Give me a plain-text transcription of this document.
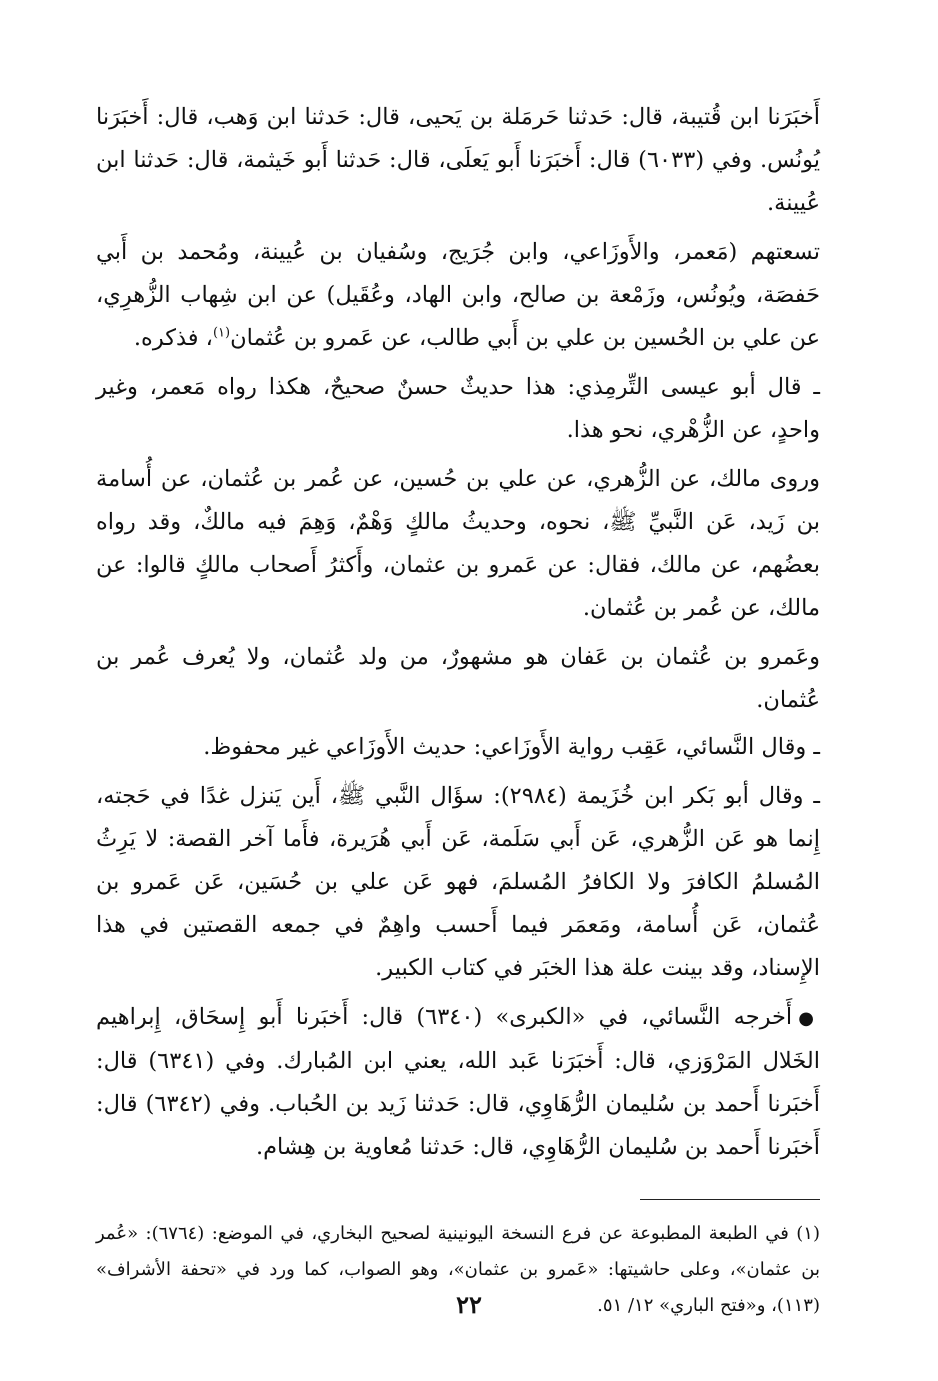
أَخبَرَنا ابن قُتيبة، قال: حَدثنا حَرمَلة بن يَحيى، قال: حَدثنا ابن وَهب، قال: أَخبَرَنا يُونُس. وفي (٦٠٣٣) قال: أَخبَرَنا أَبو يَعلَى، قال: حَدثنا أَبو خَيثمة، قال: حَدثنا ابن عُيينة.

تسعتهم (مَعمر، والأَوزَاعي، وابن جُرَيج، وسُفيان بن عُيينة، ومُحمد بن أَبي حَفصَة، ويُونُس، وزَمْعة بن صالح، وابن الهاد، وعُقَيل) عن ابن شِهاب الزُّهرِي، عن علي بن الحُسين بن علي بن أَبي طالب، عن عَمرو بن عُثمان$^{(١)}$، فذكره.

ـ قال أبو عيسى التِّرمِذي: هذا حديثٌ حسنٌ صحيحٌ، هكذا رواه مَعمر، وغير واحدٍ، عن الزُّهْري، نحو هذا.

وروى مالك، عن الزُّهري، عن علي بن حُسين، عن عُمر بن عُثمان، عن أُسامة بن زَيد، عَن النَّبيِّ ﷺ، نحوه، وحديثُ مالكٍ وَهْمٌ، وَهِمَ فيه مالكٌ، وقد رواه بعضُهم، عن مالك، فقال: عن عَمرو بن عثمان، وأَكثرُ أَصحاب مالكٍ قالوا: عن مالك، عن عُمر بن عُثمان.

وعَمرو بن عُثمان بن عَفان هو مشهورٌ، من ولد عُثمان، ولا يُعرف عُمر بن عُثمان.

ـ وقال النَّسائي، عَقِب رواية الأَوزَاعي: حديث الأَوزَاعي غير محفوظ.

ـ وقال أبو بَكر ابن خُزَيمة (٢٩٨٤): سؤَال النَّبي ﷺ، أَين يَنزل غدًا في حَجته، إِنما هو عَن الزُّهري، عَن أَبي سَلَمة، عَن أَبي هُرَيرة، فأَما آخر القصة: لا يَرِثُ المُسلمُ الكافرَ ولا الكافرُ المُسلمَ، فهو عَن علي بن حُسَين، عَن عَمرو بن عُثمان، عَن أُسامة، ومَعمَر فيما أَحسب واهِمٌ في جمعه القصتين في هذا الإِسناد، وقد بينت علة هذا الخبَر في كتاب الكبير.

●أَخرجه النَّسائي، في «الكبرى» (٦٣٤٠) قال: أَخبَرنا أَبو إِسحَاق، إِبراهيم الخَلال المَرْوَزي، قال: أَخبَرَنا عَبد الله، يعني ابن المُبارك. وفي (٦٣٤١) قال: أَخبَرنا أَحمد بن سُليمان الرُّهَاوِي، قال: حَدثنا زَيد بن الحُباب. وفي (٦٣٤٢) قال: أَخبَرنا أَحمد بن سُليمان الرُّهَاوِي، قال: حَدثنا مُعاوية بن هِشام.

(١) في الطبعة المطبوعة عن فرع النسخة اليونينية لصحيح البخاري، في الموضع: (٦٧٦٤): «عُمر بن عثمان»، وعلى حاشيتها: «عَمرو بن عثمان»، وهو الصواب، كما ورد في «تحفة الأشراف» (١١٣)، و«فتح الباري» ١٢/ ٥١.

٢٢
